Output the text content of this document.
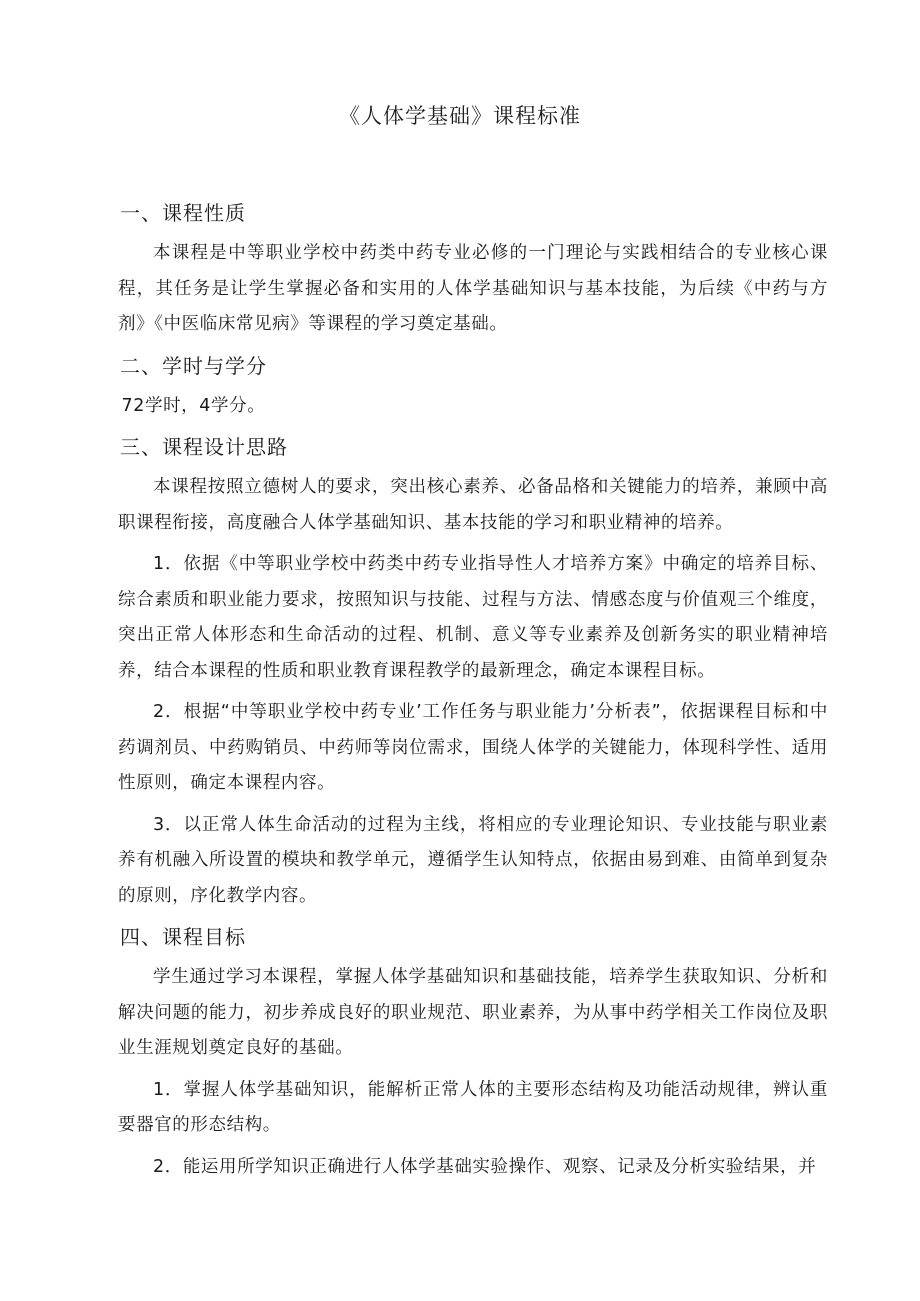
《人体学基础》课程标准
一、课程性质

本课程是中等职业学校中药类中药专业必修的一门理论与实践相结合的专业核心课程，其任务是让学生掌握必备和实用的人体学基础知识与基本技能，为后续《中药与方剂》《中医临床常见病》等课程的学习奠定基础。

二、学时与学分

72学时，4学分。

三、课程设计思路

本课程按照立德树人的要求，突出核心素养、必备品格和关键能力的培养，兼顾中高职课程衔接，高度融合人体学基础知识、基本技能的学习和职业精神的培养。

1．依据《中等职业学校中药类中药专业指导性人才培养方案》中确定的培养目标、综合素质和职业能力要求，按照知识与技能、过程与方法、情感态度与价值观三个维度，突出正常人体形态和生命活动的过程、机制、意义等专业素养及创新务实的职业精神培养，结合本课程的性质和职业教育课程教学的最新理念，确定本课程目标。

2．根据“中等职业学校中药专业’工作任务与职业能力’分析表”，依据课程目标和中药调剂员、中药购销员、中药师等岗位需求，围绕人体学的关键能力，体现科学性、适用性原则，确定本课程内容。

3．以正常人体生命活动的过程为主线，将相应的专业理论知识、专业技能与职业素养有机融入所设置的模块和教学单元，遵循学生认知特点，依据由易到难、由简单到复杂的原则，序化教学内容。

四、课程目标

学生通过学习本课程，掌握人体学基础知识和基础技能，培养学生获取知识、分析和解决问题的能力，初步养成良好的职业规范、职业素养，为从事中药学相关工作岗位及职业生涯规划奠定良好的基础。

1．掌握人体学基础知识，能解析正常人体的主要形态结构及功能活动规律，辨认重要器官的形态结构。

2．能运用所学知识正确进行人体学基础实验操作、观察、记录及分析实验结果，并
